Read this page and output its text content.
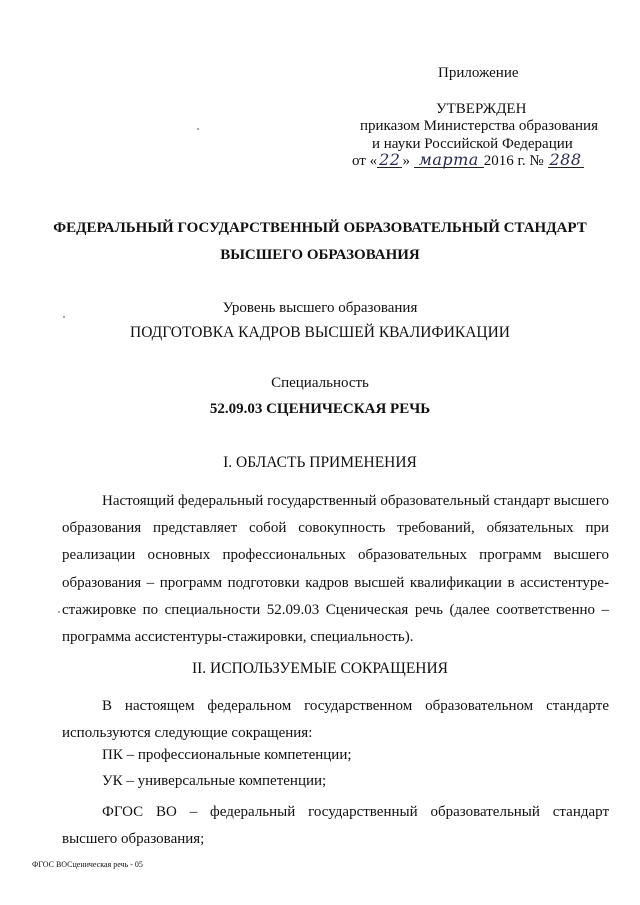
Приложение
УТВЕРЖДЕН
приказом Министерства образования
и науки Российской Федерации
от « 22 » марта 2016 г. № 288
ФЕДЕРАЛЬНЫЙ ГОСУДАРСТВЕННЫЙ ОБРАЗОВАТЕЛЬНЫЙ СТАНДАРТ
ВЫСШЕГО ОБРАЗОВАНИЯ
Уровень высшего образования
ПОДГОТОВКА КАДРОВ ВЫСШЕЙ КВАЛИФИКАЦИИ
Специальность
52.09.03 СЦЕНИЧЕСКАЯ РЕЧЬ
I. ОБЛАСТЬ ПРИМЕНЕНИЯ
Настоящий федеральный государственный образовательный стандарт высшего образования представляет собой совокупность требований, обязательных при реализации основных профессиональных образовательных программ высшего образования – программ подготовки кадров высшей квалификации в ассистентуре-стажировке по специальности 52.09.03 Сценическая речь (далее соответственно – программа ассистентуры-стажировки, специальность).
II. ИСПОЛЬЗУЕМЫЕ СОКРАЩЕНИЯ
В настоящем федеральном государственном образовательном стандарте используются следующие сокращения:
ПК – профессиональные компетенции;
УК – универсальные компетенции;
ФГОС ВО – федеральный государственный образовательный стандарт высшего образования;
ФГОС ВОСценическая речь - 05
